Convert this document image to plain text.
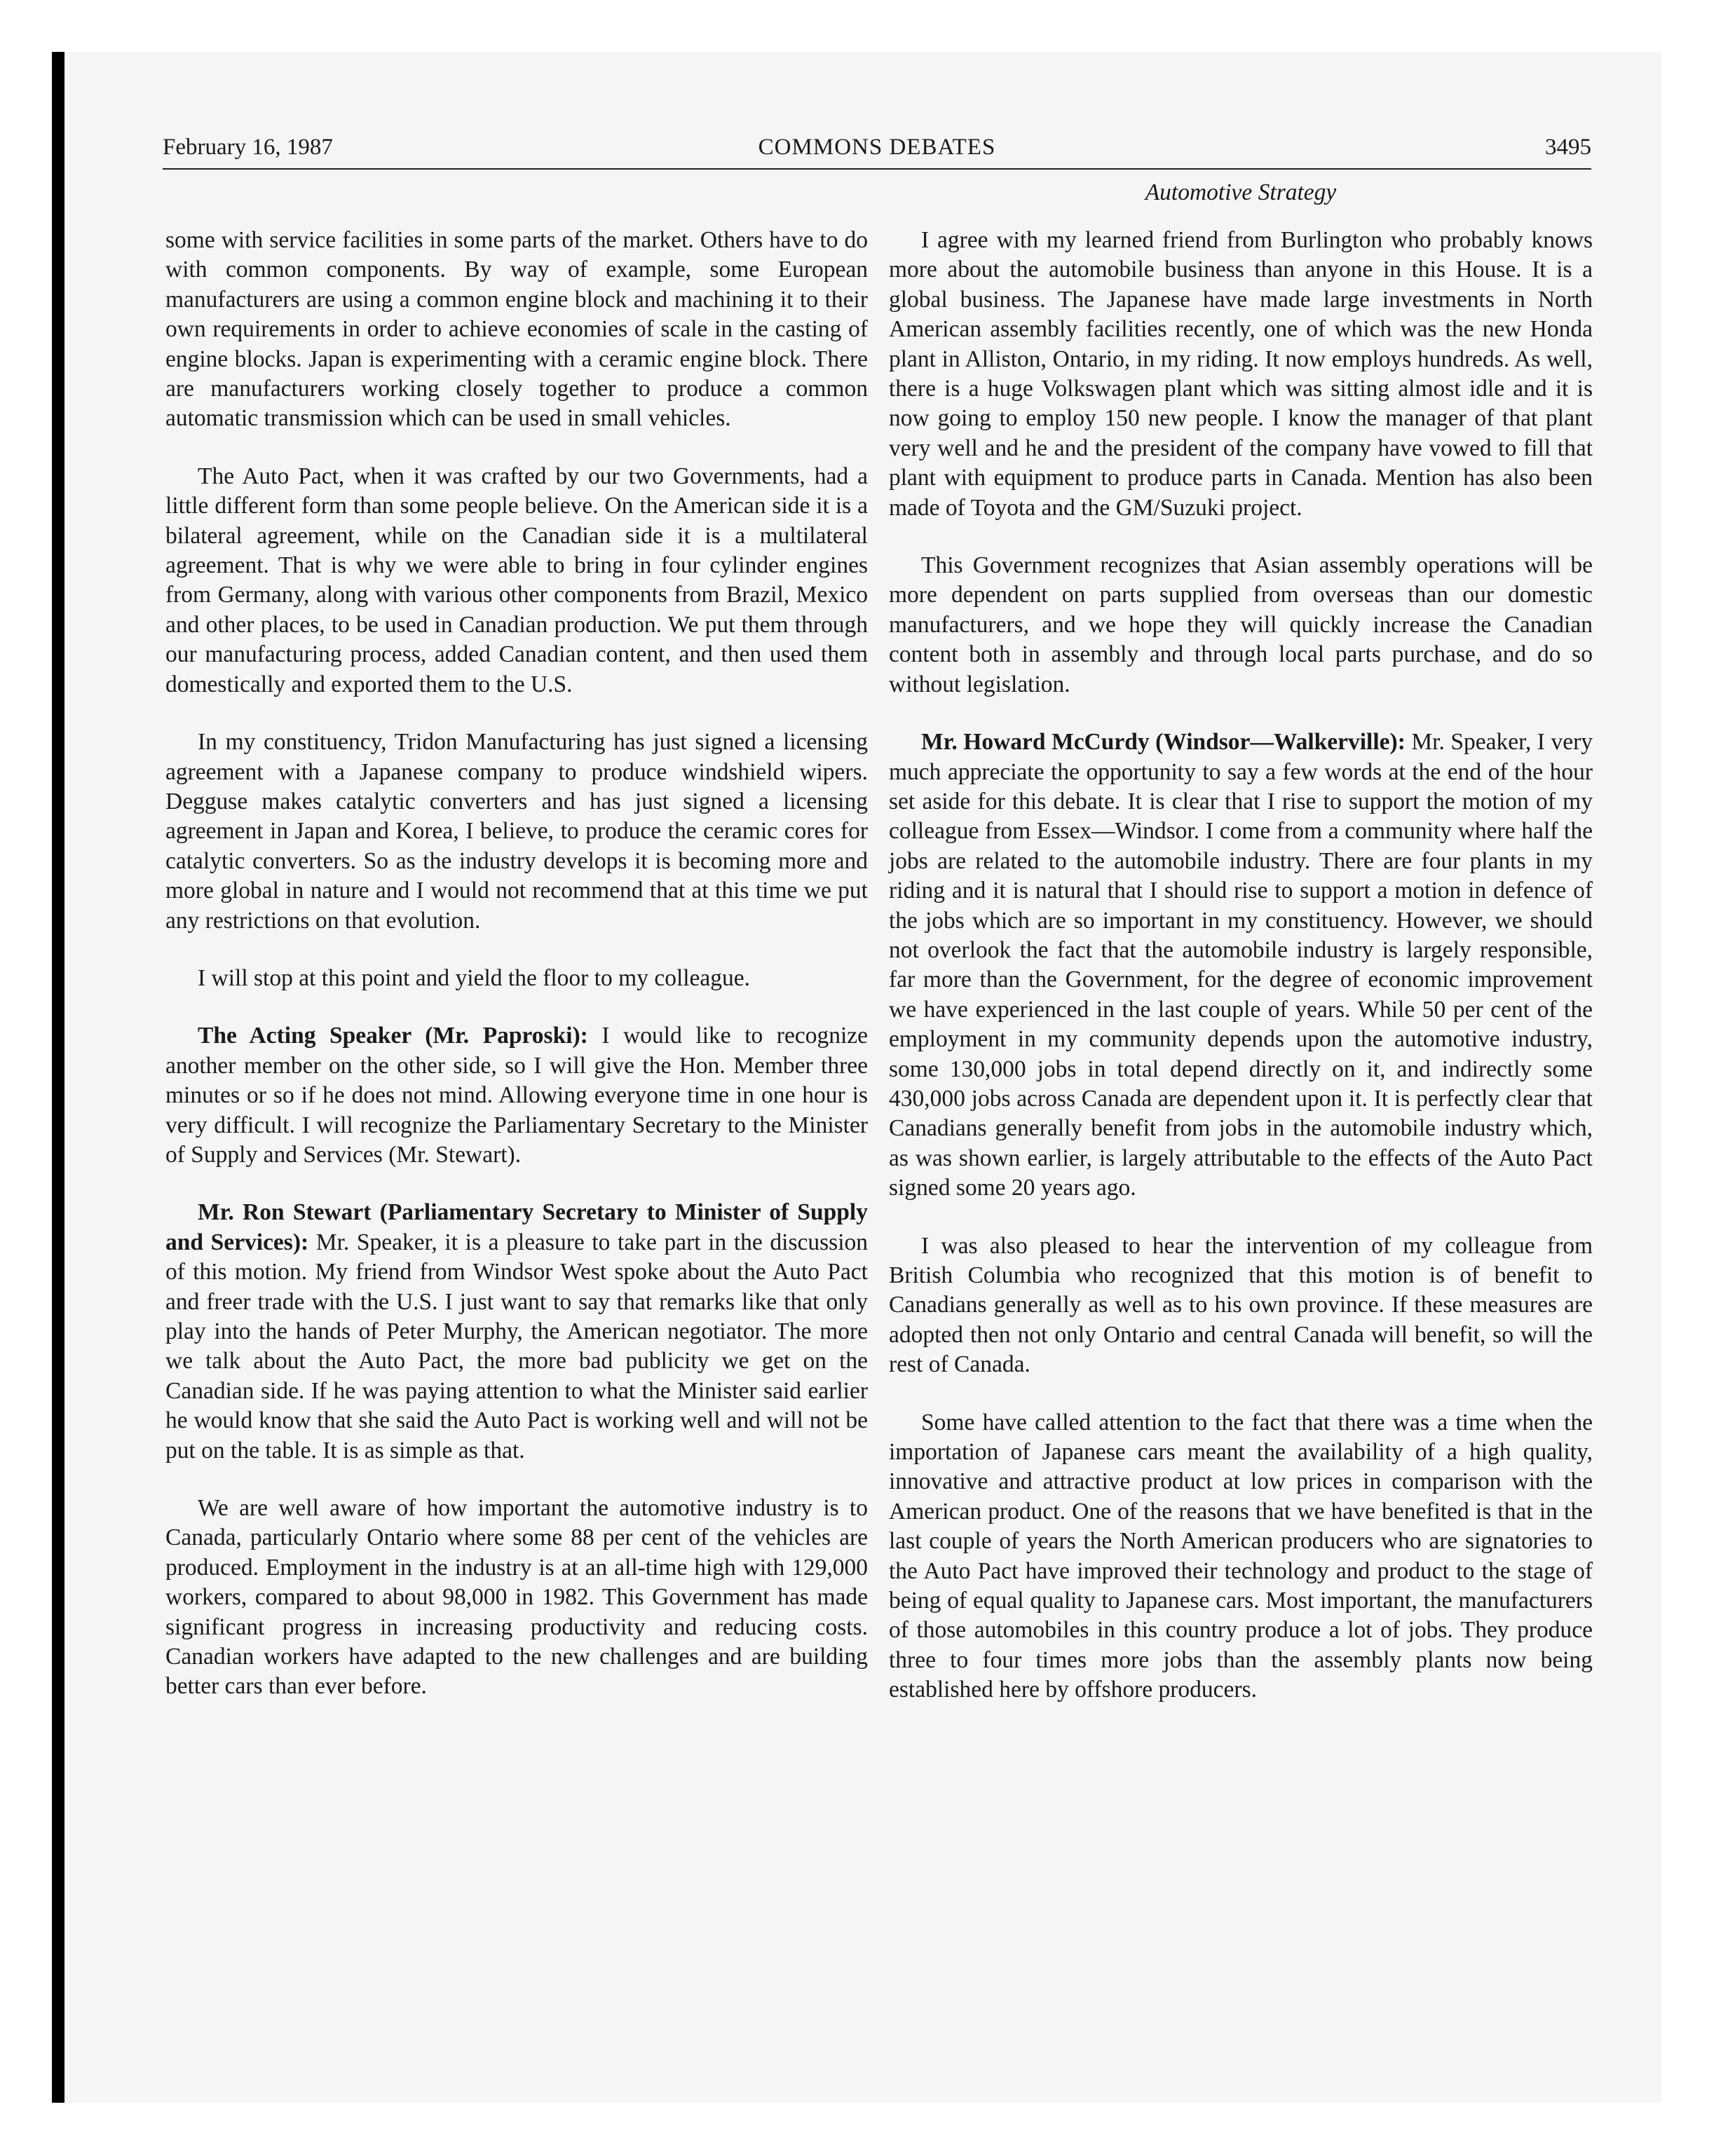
February 16, 1987	COMMONS DEBATES	3495
Automotive Strategy

some with service facilities in some parts of the market. Others have to do with common components. By way of example, some European manufacturers are using a common engine block and machining it to their own requirements in order to achieve economies of scale in the casting of engine blocks. Japan is experimenting with a ceramic engine block. There are manufacturers working closely together to produce a common automatic transmission which can be used in small vehicles.

The Auto Pact, when it was crafted by our two Governments, had a little different form than some people believe. On the American side it is a bilateral agreement, while on the Canadian side it is a multilateral agreement. That is why we were able to bring in four cylinder engines from Germany, along with various other components from Brazil, Mexico and other places, to be used in Canadian production. We put them through our manufacturing process, added Canadian content, and then used them domestically and exported them to the U.S.

In my constituency, Tridon Manufacturing has just signed a licensing agreement with a Japanese company to produce windshield wipers. Degguse makes catalytic converters and has just signed a licensing agreement in Japan and Korea, I believe, to produce the ceramic cores for catalytic converters. So as the industry develops it is becoming more and more global in nature and I would not recommend that at this time we put any restrictions on that evolution.

I will stop at this point and yield the floor to my colleague.

The Acting Speaker (Mr. Paproski): I would like to recognize another member on the other side, so I will give the Hon. Member three minutes or so if he does not mind. Allowing everyone time in one hour is very difficult. I will recognize the Parliamentary Secretary to the Minister of Supply and Services (Mr. Stewart).

Mr. Ron Stewart (Parliamentary Secretary to Minister of Supply and Services): Mr. Speaker, it is a pleasure to take part in the discussion of this motion. My friend from Windsor West spoke about the Auto Pact and freer trade with the U.S. I just want to say that remarks like that only play into the hands of Peter Murphy, the American negotiator. The more we talk about the Auto Pact, the more bad publicity we get on the Canadian side. If he was paying attention to what the Minister said earlier he would know that she said the Auto Pact is working well and will not be put on the table. It is as simple as that.

We are well aware of how important the automotive industry is to Canada, particularly Ontario where some 88 per cent of the vehicles are produced. Employment in the industry is at an all-time high with 129,000 workers, compared to about 98,000 in 1982. This Government has made significant progress in increasing productivity and reducing costs. Canadian workers have adapted to the new challenges and are building better cars than ever before.

I agree with my learned friend from Burlington who probably knows more about the automobile business than anyone in this House. It is a global business. The Japanese have made large investments in North American assembly facilities recently, one of which was the new Honda plant in Alliston, Ontario, in my riding. It now employs hundreds. As well, there is a huge Volkswagen plant which was sitting almost idle and it is now going to employ 150 new people. I know the manager of that plant very well and he and the president of the company have vowed to fill that plant with equipment to produce parts in Canada. Mention has also been made of Toyota and the GM/Suzuki project.

This Government recognizes that Asian assembly operations will be more dependent on parts supplied from overseas than our domestic manufacturers, and we hope they will quickly increase the Canadian content both in assembly and through local parts purchase, and do so without legislation.

Mr. Howard McCurdy (Windsor—Walkerville): Mr. Speaker, I very much appreciate the opportunity to say a few words at the end of the hour set aside for this debate. It is clear that I rise to support the motion of my colleague from Essex—Windsor. I come from a community where half the jobs are related to the automobile industry. There are four plants in my riding and it is natural that I should rise to support a motion in defence of the jobs which are so important in my constituency. However, we should not overlook the fact that the automobile industry is largely responsible, far more than the Government, for the degree of economic improvement we have experienced in the last couple of years. While 50 per cent of the employment in my community depends upon the automotive industry, some 130,000 jobs in total depend directly on it, and indirectly some 430,000 jobs across Canada are dependent upon it. It is perfectly clear that Canadians generally benefit from jobs in the automobile industry which, as was shown earlier, is largely attributable to the effects of the Auto Pact signed some 20 years ago.

I was also pleased to hear the intervention of my colleague from British Columbia who recognized that this motion is of benefit to Canadians generally as well as to his own province. If these measures are adopted then not only Ontario and central Canada will benefit, so will the rest of Canada.

Some have called attention to the fact that there was a time when the importation of Japanese cars meant the availability of a high quality, innovative and attractive product at low prices in comparison with the American product. One of the reasons that we have benefited is that in the last couple of years the North American producers who are signatories to the Auto Pact have improved their technology and product to the stage of being of equal quality to Japanese cars. Most important, the manufacturers of those automobiles in this country produce a lot of jobs. They produce three to four times more jobs than the assembly plants now being established here by offshore producers.
